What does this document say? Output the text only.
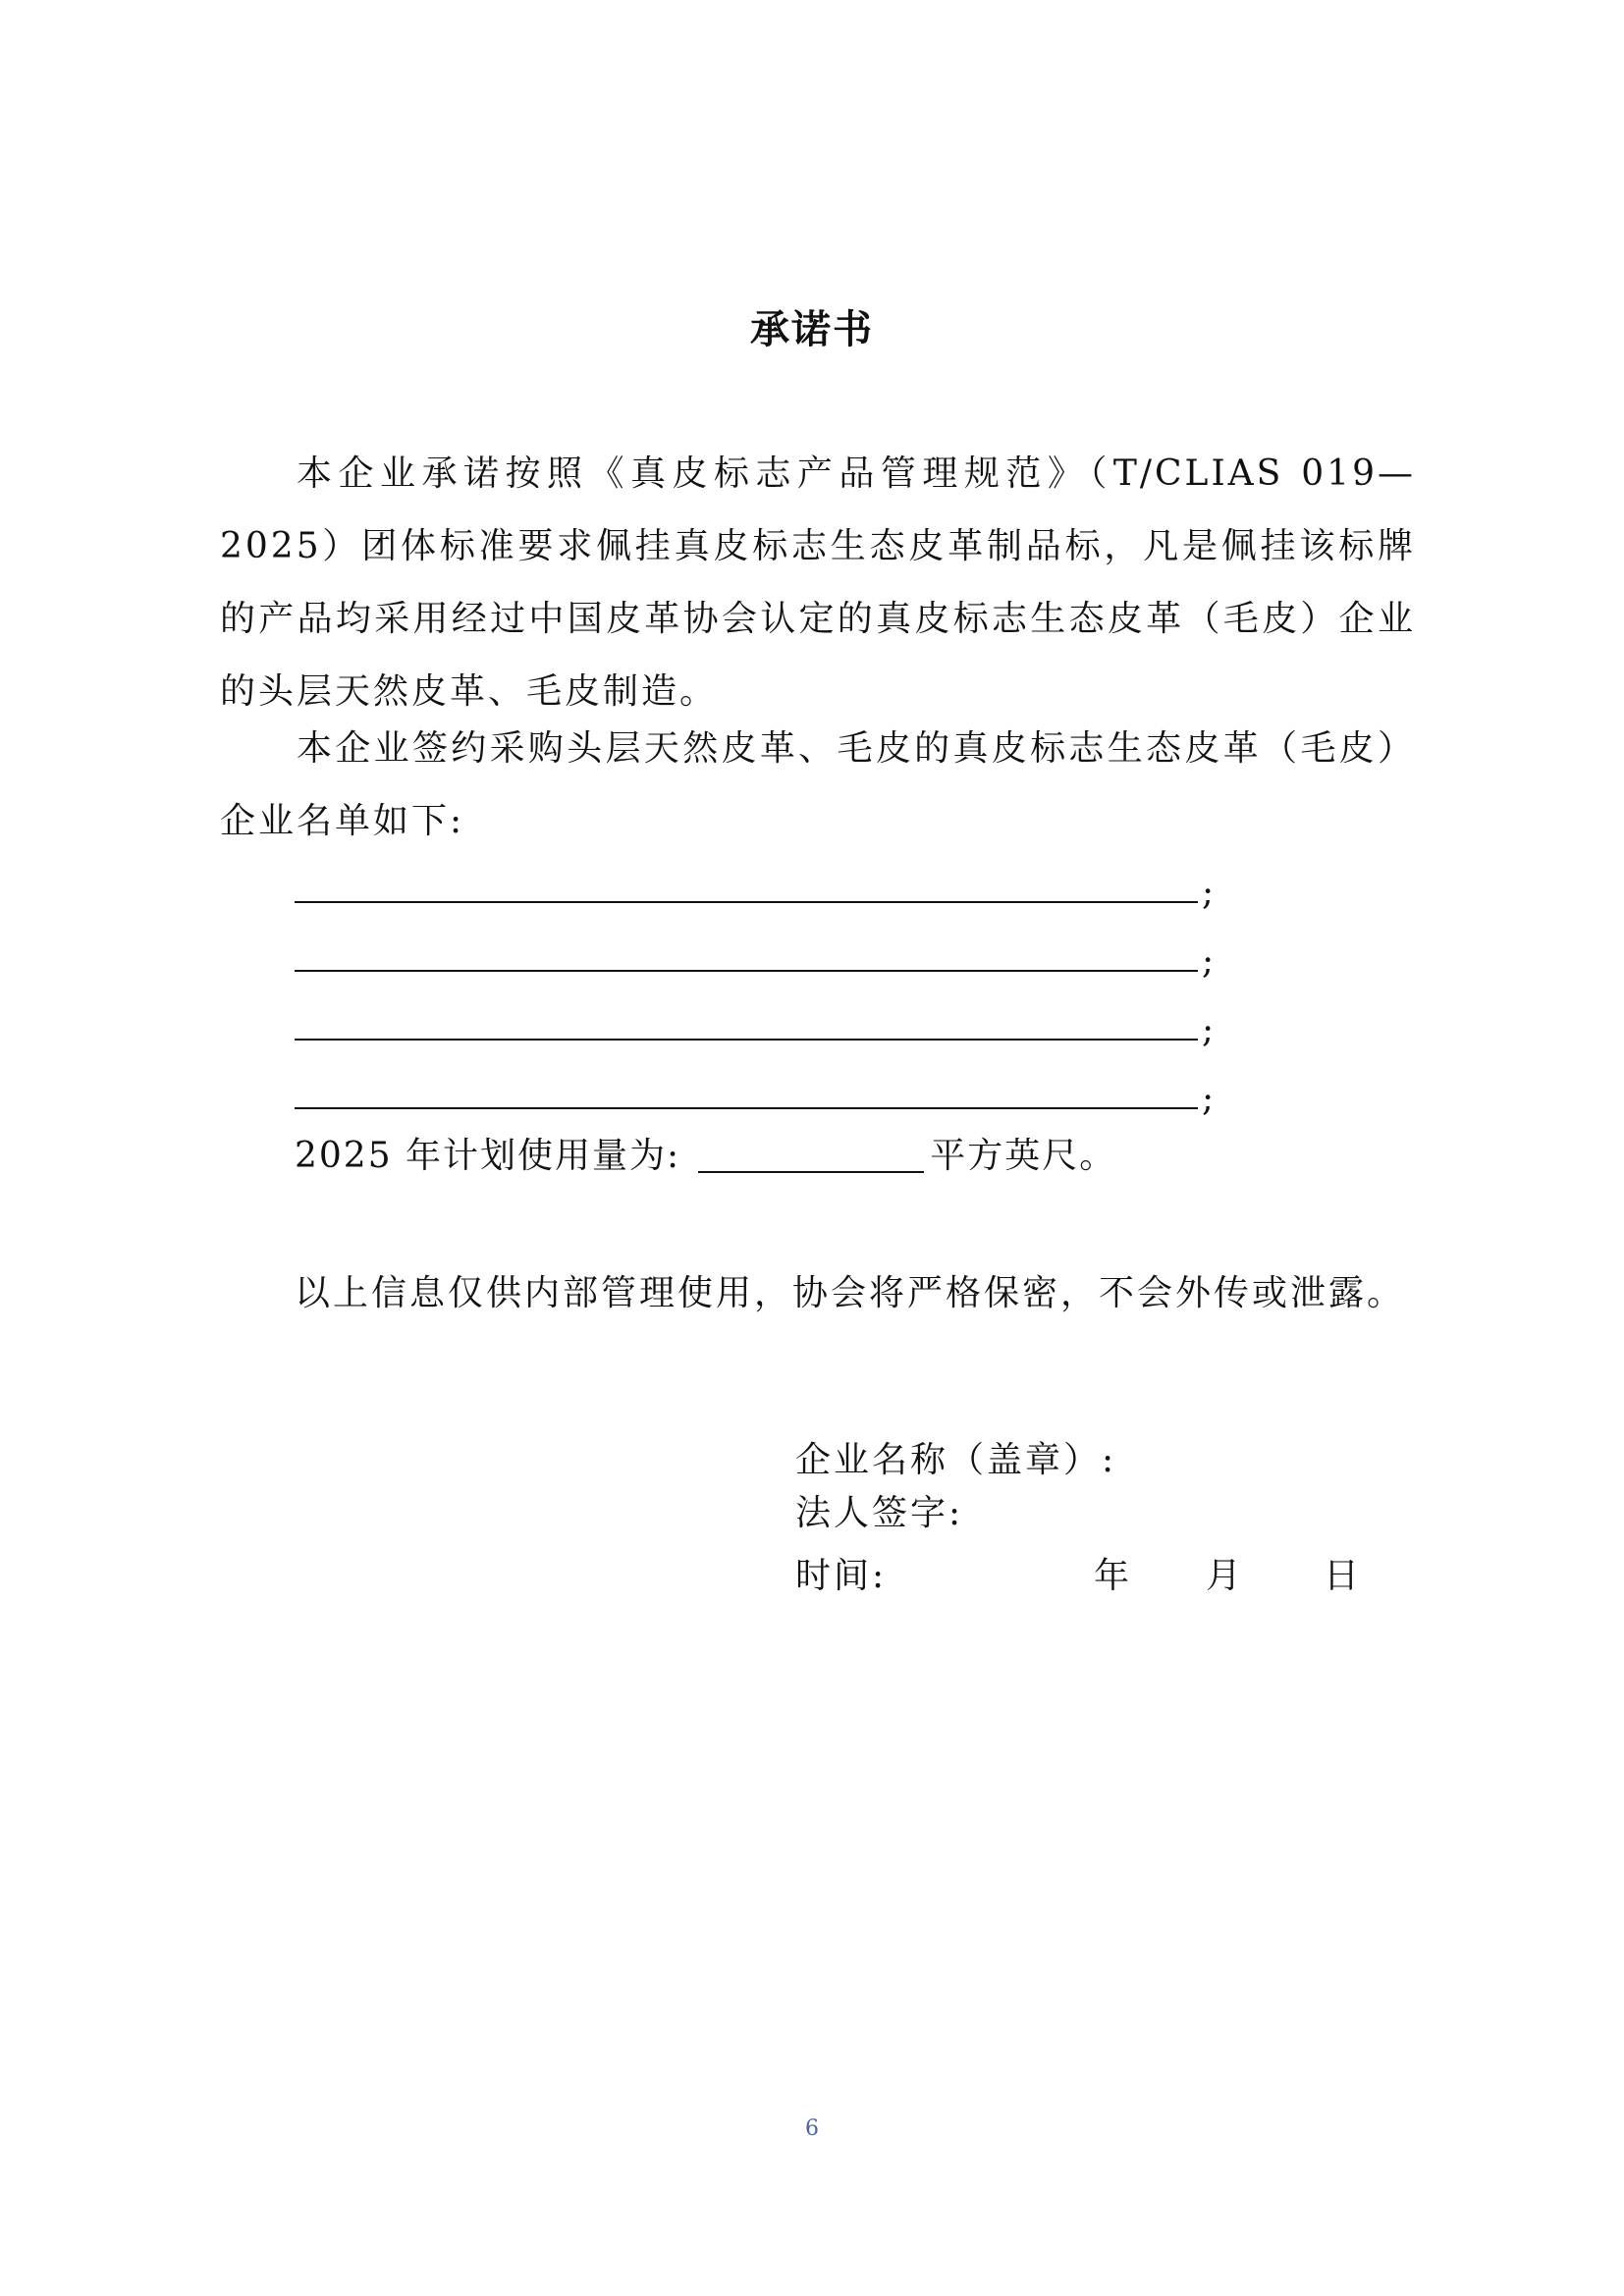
承诺书
本企业承诺按照《真皮标志产品管理规范》（T/CLIAS 019—2025）团体标准要求佩挂真皮标志生态皮革制品标，凡是佩挂该标牌的产品均采用经过中国皮革协会认定的真皮标志生态皮革（毛皮）企业的头层天然皮革、毛皮制造。
本企业签约采购头层天然皮革、毛皮的真皮标志生态皮革（毛皮）企业名单如下:
;
;
;
;
2025 年计划使用量为:	平方英尺。
以上信息仅供内部管理使用，协会将严格保密，不会外传或泄露。
企业名称（盖章）:
法人签字:
时间:	年 月 日
6
